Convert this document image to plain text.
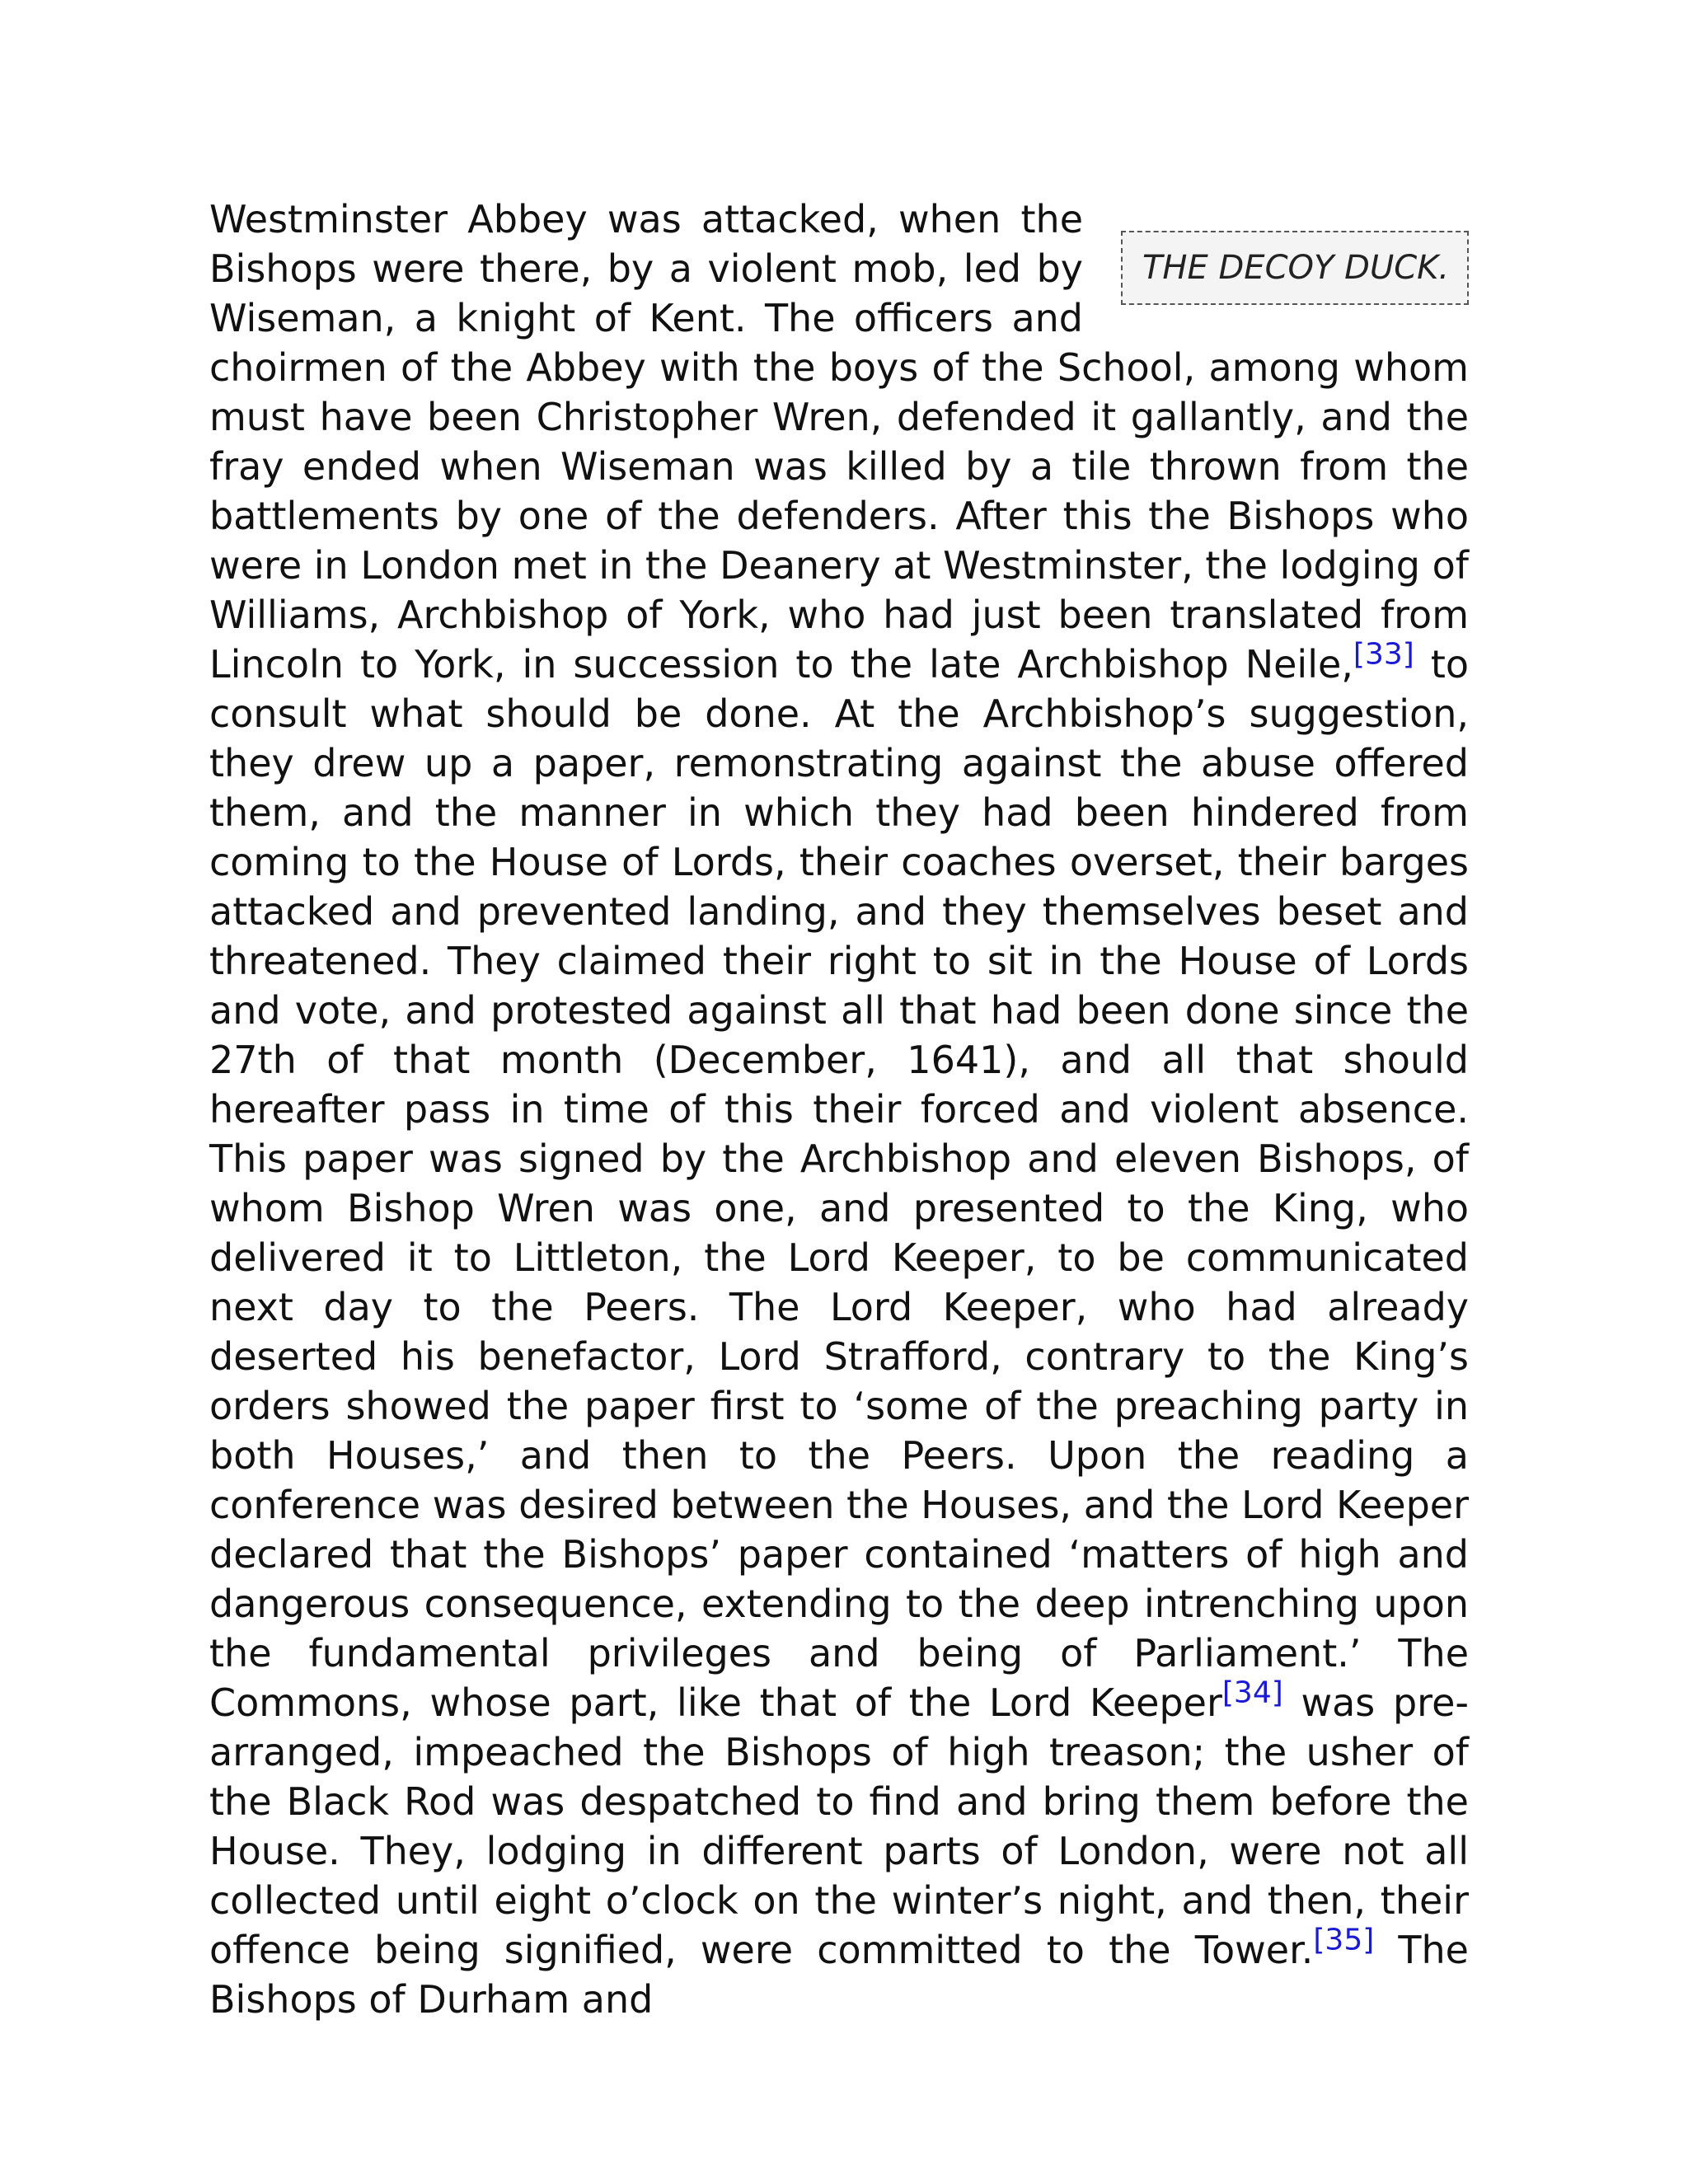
THE DECOY DUCK.

Westminster Abbey was attacked, when the Bishops were there, by a violent mob, led by Wiseman, a knight of Kent. The officers and choirmen of the Abbey with the boys of the School, among whom must have been Christopher Wren, defended it gallantly, and the fray ended when Wiseman was killed by a tile thrown from the battlements by one of the defenders. After this the Bishops who were in London met in the Deanery at Westminster, the lodging of Williams, Archbishop of York, who had just been translated from Lincoln to York, in succession to the late Archbishop Neile,[33] to consult what should be done. At the Archbishop’s suggestion, they drew up a paper, remonstrating against the abuse offered them, and the manner in which they had been hindered from coming to the House of Lords, their coaches overset, their barges attacked and prevented landing, and they themselves beset and threatened. They claimed their right to sit in the House of Lords and vote, and protested against all that had been done since the 27th of that month (December, 1641), and all that should hereafter pass in time of this their forced and violent absence. This paper was signed by the Archbishop and eleven Bishops, of whom Bishop Wren was one, and presented to the King, who delivered it to Littleton, the Lord Keeper, to be communicated next day to the Peers. The Lord Keeper, who had already deserted his benefactor, Lord Strafford, contrary to the King’s orders showed the paper first to ‘some of the preaching party in both Houses,’ and then to the Peers. Upon the reading a conference was desired between the Houses, and the Lord Keeper declared that the Bishops’ paper contained ‘matters of high and dangerous consequence, extending to the deep intrenching upon the fundamental privileges and being of Parliament.’ The Commons, whose part, like that of the Lord Keeper[34] was pre-arranged, impeached the Bishops of high treason; the usher of the Black Rod was despatched to find and bring them before the House. They, lodging in different parts of London, were not all collected until eight o’clock on the winter’s night, and then, their offence being signified, were committed to the Tower.[35] The Bishops of Durham and
